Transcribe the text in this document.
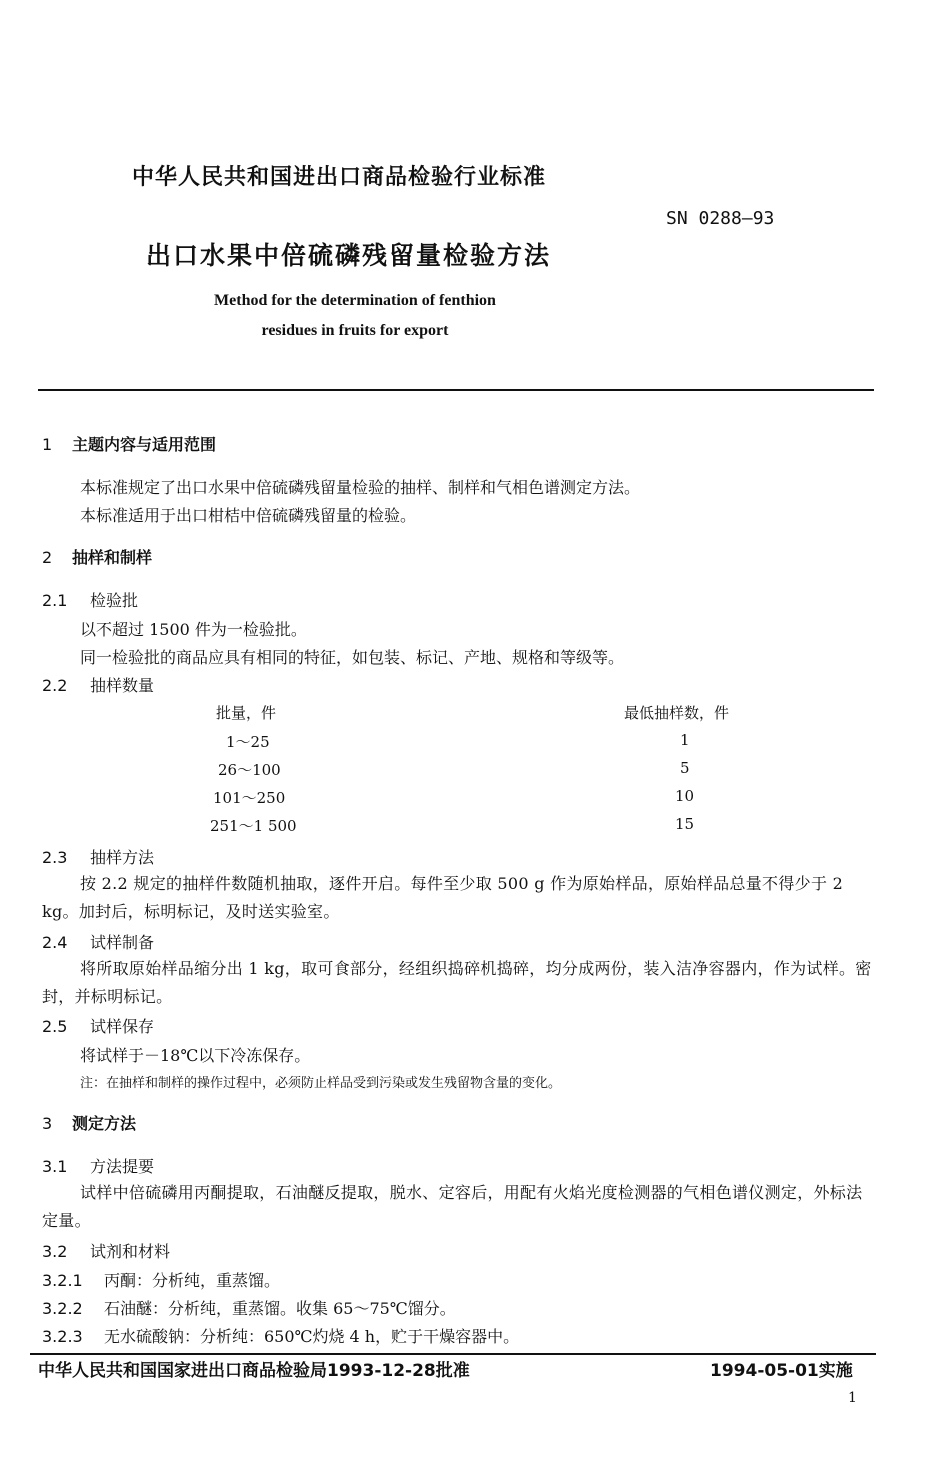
中华人民共和国进出口商品检验行业标准
SN 0288—93
出口水果中倍硫磷残留量检验方法
Method for the determination of fenthion
residues in fruits for export
1 主题内容与适用范围
本标准规定了出口水果中倍硫磷残留量检验的抽样、制样和气相色谱测定方法。
本标准适用于出口柑桔中倍硫磷残留量的检验。
2 抽样和制样
2.1 检验批
以不超过 1500 件为一检验批。
同一检验批的商品应具有相同的特征，如包装、标记、产地、规格和等级等。
2.2 抽样数量
批量，件	最低抽样数，件
1～25	1
26～100	5
101～250	10
251～1 500	15
2.3 抽样方法
按 2.2 规定的抽样件数随机抽取，逐件开启。每件至少取 500 g 作为原始样品，原始样品总量不得少于 2 kg。加封后，标明标记，及时送实验室。
2.4 试样制备
将所取原始样品缩分出 1 kg，取可食部分，经组织捣碎机捣碎，均分成两份，装入洁净容器内，作为试样。密封，并标明标记。
2.5 试样保存
将试样于－18℃以下冷冻保存。
注：在抽样和制样的操作过程中，必须防止样品受到污染或发生残留物含量的变化。
3 测定方法
3.1 方法提要
试样中倍硫磷用丙酮提取，石油醚反提取，脱水、定容后，用配有火焰光度检测器的气相色谱仪测定，外标法定量。
3.2 试剂和材料
3.2.1 丙酮：分析纯，重蒸馏。
3.2.2 石油醚：分析纯，重蒸馏。收集 65～75℃馏分。
3.2.3 无水硫酸钠：分析纯：650℃灼烧 4 h，贮于干燥容器中。
中华人民共和国国家进出口商品检验局1993-12-28批准	1994-05-01实施
1
